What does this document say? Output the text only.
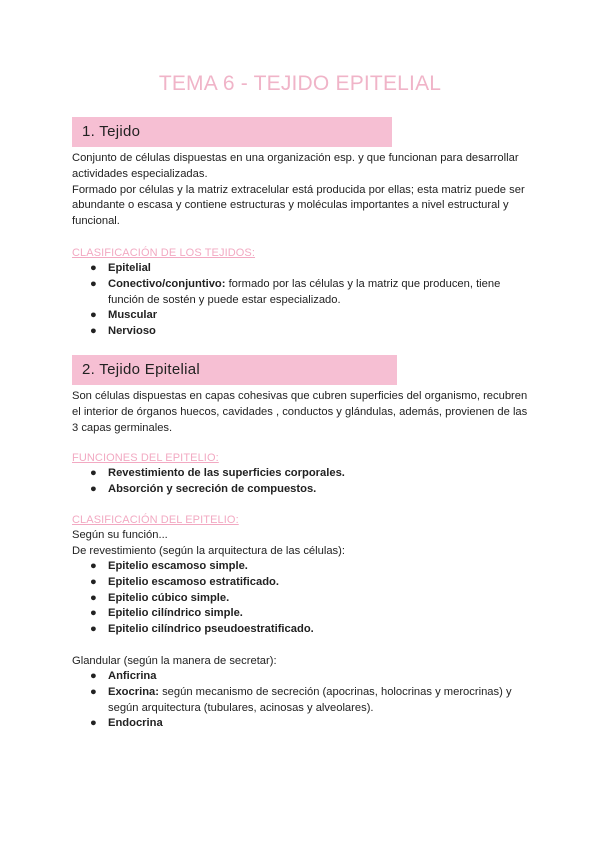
TEMA 6 - TEJIDO EPITELIAL
1. Tejido

Conjunto de células dispuestas en una organización esp. y que funcionan para desarrollar actividades especializadas.

Formado por células y la matriz extracelular está producida por ellas; esta matriz puede ser abundante o escasa y contiene estructuras y moléculas importantes a nivel estructural y funcional.

CLASIFICACIÓN DE LOS TEJIDOS:
● Epitelial
● Conectivo/conjuntivo: formado por las células y la matriz que producen, tiene función de sostén y puede estar especializado.
● Muscular
● Nervioso
2. Tejido Epitelial

Son células dispuestas en capas cohesivas que cubren superficies del organismo, recubren el interior de órganos huecos, cavidades , conductos y glándulas, además, provienen de las 3 capas germinales.

FUNCIONES DEL EPITELIO:
● Revestimiento de las superficies corporales.
● Absorción y secreción de compuestos.
CLASIFICACIÓN DEL EPITELIO:

Según su función...

De revestimiento (según la arquitectura de las células):

● Epitelio escamoso simple.
● Epitelio escamoso estratificado.
● Epitelio cúbico simple.
● Epitelio cilíndrico simple.
● Epitelio cilíndrico pseudoestratificado.

Glandular (según la manera de secretar):

● Anficrina
● Exocrina: según mecanismo de secreción (apocrinas, holocrinas y merocrinas) y según arquitectura (tubulares, acinosas y alveolares).
● Endocrina
